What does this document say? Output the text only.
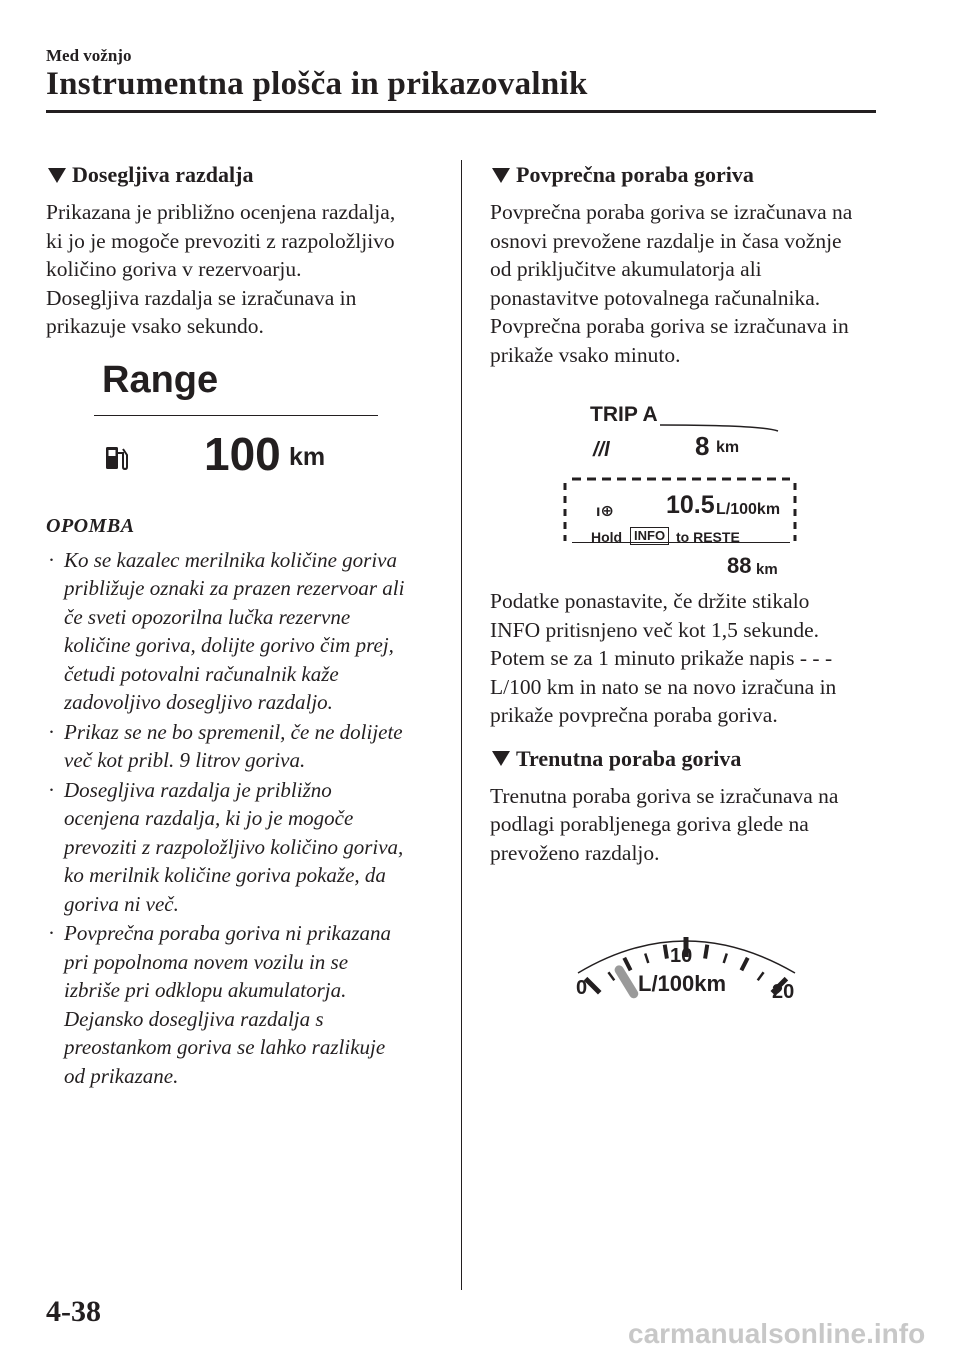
Med vožnjo
Instrumentna plošča in prikazovalnik
Dosegljiva razdalja

Prikazana je približno ocenjena razdalja,

ki jo je mogoče prevoziti z razpoložljivo

količino goriva v rezervoarju.

Dosegljiva razdalja se izračunava in

prikazuje vsako sekundo.

Range
100 km
OPOMBA
· Ko se kazalec merilnika količine goriva
približuje oznaki za prazen rezervoar ali
če sveti opozorilna lučka rezervne
količine goriva, dolijte gorivo čim prej,
četudi potovalni računalnik kaže
zadovoljivo dosegljivo razdaljo.
· Prikaz se ne bo spremenil, če ne dolijete
več kot pribl. 9 litrov goriva.
· Dosegljiva razdalja je približno
ocenjena razdalja, ki jo je mogoče
prevoziti z razpoložljivo količino goriva,
ko merilnik količine goriva pokaže, da
goriva ni več.
· Povprečna poraba goriva ni prikazana
pri popolnoma novem vozilu in se
izbriše pri odklopu akumulatorja.
Dejansko dosegljiva razdalja s
preostankom goriva se lahko razlikuje
od prikazane.
Povprečna poraba goriva

Povprečna poraba goriva se izračunava na

osnovi prevožene razdalje in časa vožnje

od priključitve akumulatorja ali

ponastavitve potovalnega računalnika.

Povprečna poraba goriva se izračunava in

prikaže vsako minuto.

TRIP A
//l	8 km
ı⊕ 10.5 L/100km
Hold INFO to RESTE
88 km

Podatke ponastavite, če držite stikalo

INFO pritisnjeno več kot 1,5 sekunde.

Potem se za 1 minuto prikaže napis - - -

L/100 km in nato se na novo izračuna in

prikaže povprečna poraba goriva.

Trenutna poraba goriva

Trenutna poraba goriva se izračunava na

podlagi porabljenega goriva glede na

prevoženo razdaljo.

0
10
20
L/100km
4-38
carmanualsonline.info
